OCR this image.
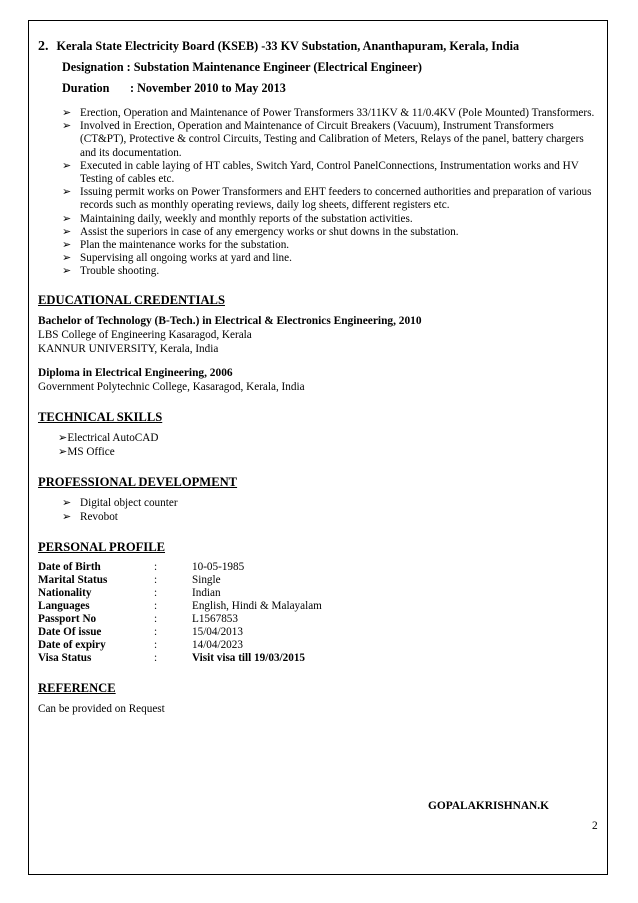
2. Kerala State Electricity Board (KSEB) -33 KV Substation, Ananthapuram, Kerala, India
Designation : Substation Maintenance Engineer (Electrical Engineer)
Duration : November 2010 to May 2013
➢ Erection, Operation and Maintenance of Power Transformers 33/11KV & 11/0.4KV (Pole Mounted) Transformers.
➢ Involved in Erection, Operation and Maintenance of Circuit Breakers (Vacuum), Instrument Transformers (CT&PT), Protective & control Circuits, Testing and Calibration of Meters, Relays of the panel, battery chargers and its documentation.
➢ Executed in cable laying of HT cables, Switch Yard, Control PanelConnections, Instrumentation works and HV Testing of cables etc.
➢ Issuing permit works on Power Transformers and EHT feeders to concerned authorities and preparation of various records such as monthly operating reviews, daily log sheets, different registers etc.
➢ Maintaining daily, weekly and monthly reports of the substation activities.
➢ Assist the superiors in case of any emergency works or shut downs in the substation.
➢ Plan the maintenance works for the substation.
➢ Supervising all ongoing works at yard and line.
➢ Trouble shooting.
EDUCATIONAL CREDENTIALS
Bachelor of Technology (B-Tech.) in Electrical & Electronics Engineering, 2010
LBS College of Engineering Kasaragod, Kerala
KANNUR UNIVERSITY, Kerala, India
Diploma in Electrical Engineering, 2006
Government Polytechnic College, Kasaragod, Kerala, India
TECHNICAL SKILLS
➢Electrical AutoCAD
➢MS Office
PROFESSIONAL DEVELOPMENT
➢ Digital object counter
➢ Revobot
PERSONAL PROFILE
Date of Birth	:	10-05-1985
Marital Status	:	Single
Nationality	:	Indian
Languages	:	English, Hindi & Malayalam
Passport No	:	L1567853
Date Of issue	:	15/04/2013
Date of expiry	:	14/04/2023
Visa Status	:	Visit visa till 19/03/2015
REFERENCE
Can be provided on Request
GOPALAKRISHNAN.K
2
